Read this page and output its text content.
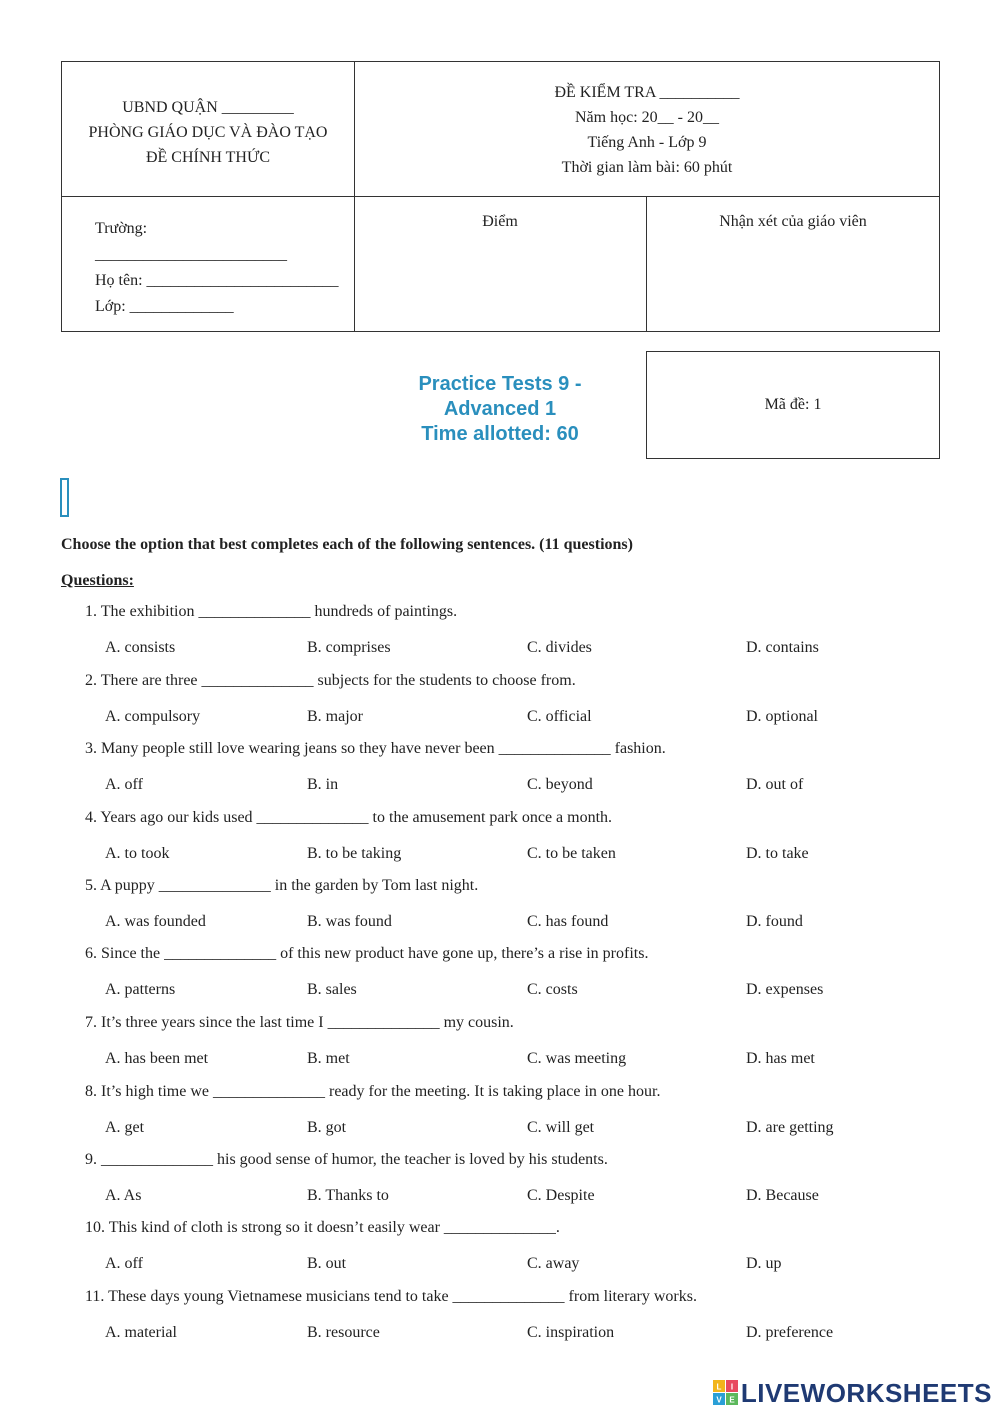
UBND QUẬN _________
PHÒNG GIÁO DỤC VÀ ĐÀO TẠO
ĐỀ CHÍNH THỨC
ĐỀ KIỂM TRA __________
Năm học: 20__ - 20__
Tiếng Anh - Lớp 9
Thời gian làm bài: 60 phút
Trường:
________________________
Họ tên: ________________________
Lớp: _____________
Điểm	Nhận xét của giáo viên
Practice Tests 9 -
Advanced 1
Time allotted: 60
Mã đề: 1
Choose the option that best completes each of the following sentences. (11 questions)
Questions:
1. The exhibition ______________ hundreds of paintings.
A. consists	B. comprises	C. divides	D. contains
2. There are three ______________ subjects for the students to choose from.
A. compulsory	B. major	C. official	D. optional
3. Many people still love wearing jeans so they have never been ______________ fashion.
A. off	B. in	C. beyond	D. out of
4. Years ago our kids used ______________ to the amusement park once a month.
A. to took	B. to be taking	C. to be taken	D. to take
5. A puppy ______________ in the garden by Tom last night.
A. was founded	B. was found	C. has found	D. found
6. Since the ______________ of this new product have gone up, there’s a rise in profits.
A. patterns	B. sales	C. costs	D. expenses
7. It’s three years since the last time I ______________ my cousin.
A. has been met	B. met	C. was meeting	D. has met
8. It’s high time we ______________ ready for the meeting. It is taking place in one hour.
A. get	B. got	C. will get	D. are getting
9. ______________ his good sense of humor, the teacher is loved by his students.
A. As	B. Thanks to	C. Despite	D. Because
10. This kind of cloth is strong so it doesn’t easily wear ______________.
A. off	B. out	C. away	D. up
11. These days young Vietnamese musicians tend to take ______________ from literary works.
A. material	B. resource	C. inspiration	D. preference
L I
V E LIVEWORKSHEETS
